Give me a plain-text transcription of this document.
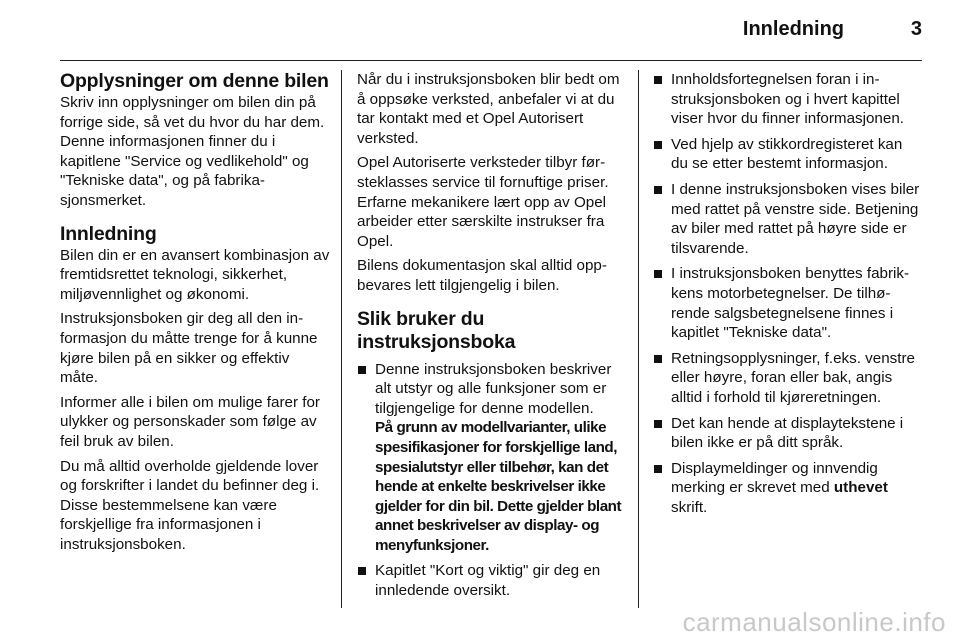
Innledning	3
Opplysninger om denne bilen

Skriv inn opplysninger om bilen din på forrige side, så vet du hvor du har dem. Denne informasjonen finner du i kapitlene "Service og vedlikehold" og "Tekniske data", og på fabrikasjonsmerket.

Innledning

Bilen din er en avansert kombinasjon av fremtidsrettet teknologi, sikkerhet, miljøvennlighet og økonomi.

Instruksjonsboken gir deg all den informasjon du måtte trenge for å kunne kjøre bilen på en sikker og effektiv måte.

Informer alle i bilen om mulige farer for ulykker og personskader som følge av feil bruk av bilen.

Du må alltid overholde gjeldende lover og forskrifter i landet du befinner deg i. Disse bestemmelsene kan være forskjellige fra informasjonen i instruksjonsboken.

Når du i instruksjonsboken blir bedt om å oppsøke verksted, anbefaler vi at du tar kontakt med et Opel Autorisert verksted.

Opel Autoriserte verksteder tilbyr førsteklasses service til fornuftige priser. Erfarne mekanikere lært opp av Opel arbeider etter særskilte instrukser fra Opel.

Bilens dokumentasjon skal alltid oppbevares lett tilgjengelig i bilen.

Slik bruker du instruksjonsboka
Denne instruksjonsboken beskriver alt utstyr og alle funksjoner som er tilgjengelige for denne modellen.
På grunn av modellvarianter, ulike spesifikasjoner for forskjellige land, spesialutstyr eller tilbehør, kan det hende at enkelte beskrivelser ikke gjelder for din bil. Dette gjelder blant annet beskrivelser av display- og menyfunksjoner.
Kapitlet "Kort og viktig" gir deg en innledende oversikt.
Innholdsfortegnelsen foran i instruksjonsboken og i hvert kapittel viser hvor du finner informasjonen.
Ved hjelp av stikkordregisteret kan du se etter bestemt informasjon.
I denne instruksjonsboken vises biler med rattet på venstre side. Betjening av biler med rattet på høyre side er tilsvarende.
I instruksjonsboken benyttes fabrikkens motorbetegnelser. De tilhørende salgsbetegnelsene finnes i kapitlet "Tekniske data".
Retningsopplysninger, f.eks. venstre eller høyre, foran eller bak, angis alltid i forhold til kjøreretningen.
Det kan hende at displaytekstene i bilen ikke er på ditt språk.
Displaymeldinger og innvendig merking er skrevet med uthevet skrift.
carmanualsonline.info
